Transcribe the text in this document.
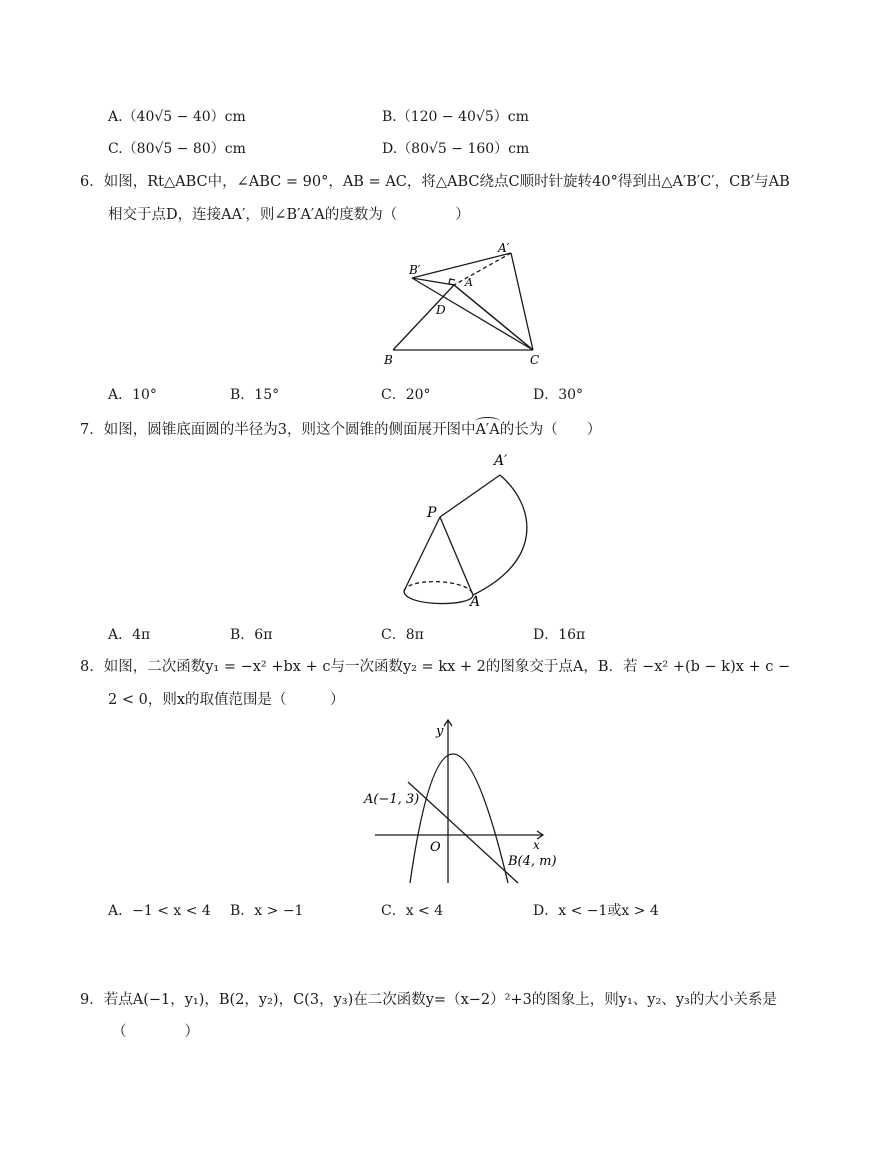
A.（40√5 − 40）cm	B.（120 − 40√5）cm
C.（80√5 − 80）cm	D.（80√5 − 160）cm
6．如图，Rt△ABC中，∠ABC = 90°，AB = AC，将△ABC绕点C顺时针旋转40°得到出△A′B′C′，CB′与AB
相交于点D，连接AA′，则∠B′A′A的度数为（　　　　）
A′
B′
A
D
B	C
A．10°	B．15°	C．20°	D．30°
7．如图，圆锥底面圆的半径为3，则这个圆锥的侧面展开图中A′A的长为（　　）
A′
P
A
A．4π	B．6π	C．8π	D．16π
8．如图，二次函数y₁ = −x² +bx + c与一次函数y₂ = kx + 2的图象交于点A，B．若 −x² +(b − k)x + c −
2 < 0，则x的取值范围是（　　　）
y
x
O
A(−1, 3)
B(4, m)
A．−1 < x < 4 B．x > −1	C．x < 4	D．x < −1或x > 4
9．若点A(−1，y₁)，B(2，y₂)，C(3，y₃)在二次函数y=（x−2）²+3的图象上，则y₁、y₂、y₃的大小关系是
（　　　　）
